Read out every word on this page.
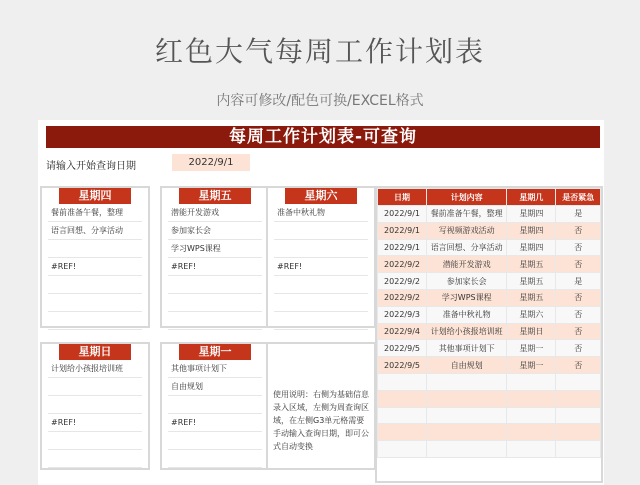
红色大气每周工作计划表
内容可修改/配色可换/EXCEL格式
每周工作计划表-可查询
请输入开始查询日期	2022/9/1
星期四
餐前准备午餐，整理
语言回想、分享活动
#REF!
星期五
潜能开发游戏
参加家长会
学习WPS课程
#REF!
星期六
准备中秋礼物
#REF!
星期日
计划给小孩报培训班
#REF!
星期一
其他事项计划下
自由规划
#REF!
使用说明：右侧为基础信息录入区域，左侧为周查询区域，在左侧G3单元格需要手动输入查询日期，即可公式自动变换
日期	计划内容	星期几	是否紧急
2022/9/1	餐前准备午餐，整理	星期四	是
2022/9/1	写视频游戏活动	星期四	否
2022/9/1	语言回想、分享活动	星期四	否
2022/9/2	潜能开发游戏	星期五	否
2022/9/2	参加家长会	星期五	是
2022/9/2	学习WPS课程	星期五	否
2022/9/3	准备中秋礼物	星期六	否
2022/9/4	计划给小孩报培训班	星期日	否
2022/9/5	其他事项计划下	星期一	否
2022/9/5	自由规划	星期一	否
